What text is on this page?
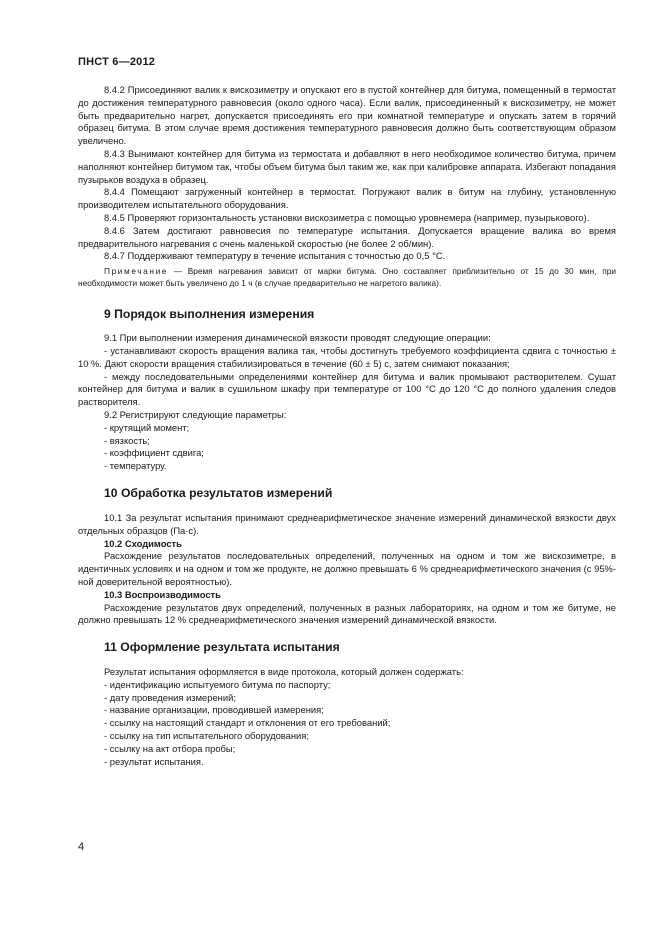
ПНСТ 6—2012

8.4.2 Присоединяют валик к вискозиметру и опускают его в пустой контейнер для битума, помещенный в термостат до достижения температурного равновесия (около одного часа). Если валик, присоединенный к вискозиметру, не может быть предварительно нагрет, допускается присоединять его при комнатной температуре и опускать затем в горячий образец битума. В этом случае время достижения температурного равновесия должно быть соответствующим образом увеличено.

8.4.3 Вынимают контейнер для битума из термостата и добавляют в него необходимое количество битума, причем наполняют контейнер битумом так, чтобы объем битума был таким же, как при калибровке аппарата. Избегают попадания пузырьков воздуха в образец.

8.4.4 Помещают загруженный контейнер в термостат. Погружают валик в битум на глубину, установленную производителем испытательного оборудования.

8.4.5 Проверяют горизонтальность установки вискозиметра с помощью уровнемера (например, пузырькового).

8.4.6 Затем достигают равновесия по температуре испытания. Допускается вращение валика во время предварительного нагревания с очень маленькой скоростью (не более 2 об/мин).

8.4.7 Поддерживают температуру в течение испытания с точностью до 0,5 °С.

Примечание — Время нагревания зависит от марки битума. Оно составляет приблизительно от 15 до 30 мин, при необходимости может быть увеличено до 1 ч (в случае предварительно не нагретого валика).

9 Порядок выполнения измерения

9.1 При выполнении измерения динамической вязкости проводят следующие операции:

- устанавливают скорость вращения валика так, чтобы достигнуть требуемого коэффициента сдвига с точностью ± 10 %. Дают скорости вращения стабилизироваться в течение (60 ± 5) с, затем снимают показания;

- между последовательными определениями контейнер для битума и валик промывают растворителем. Сушат контейнер для битума и валик в сушильном шкафу при температуре от 100 °С до 120 °С до полного удаления следов растворителя.

9.2 Регистрируют следующие параметры:

- крутящий момент;

- вязкость;

- коэффициент сдвига;

- температуру.

10 Обработка результатов измерений

10.1 За результат испытания принимают среднеарифметическое значение измерений динамической вязкости двух отдельных образцов (Па·с).

10.2 Сходимость

Расхождение результатов последовательных определений, полученных на одном и том же вискозиметре, в идентичных условиях и на одном и том же продукте, не должно превышать 6 % среднеарифметического значения (с 95%-ной доверительной вероятностью).

10.3 Воспроизводимость

Расхождение результатов двух определений, полученных в разных лабораториях, на одном и том же битуме, не должно превышать 12 % среднеарифметического значения измерений динамической вязкости.

11 Оформление результата испытания

Результат испытания оформляется в виде протокола, который должен содержать:

- идентификацию испытуемого битума по паспорту;

- дату проведения измерений;

- название организации, проводившей измерения;

- ссылку на настоящий стандарт и отклонения от его требований;

- ссылку на тип испытательного оборудования;

- ссылку на акт отбора пробы;

- результат испытания.

4
